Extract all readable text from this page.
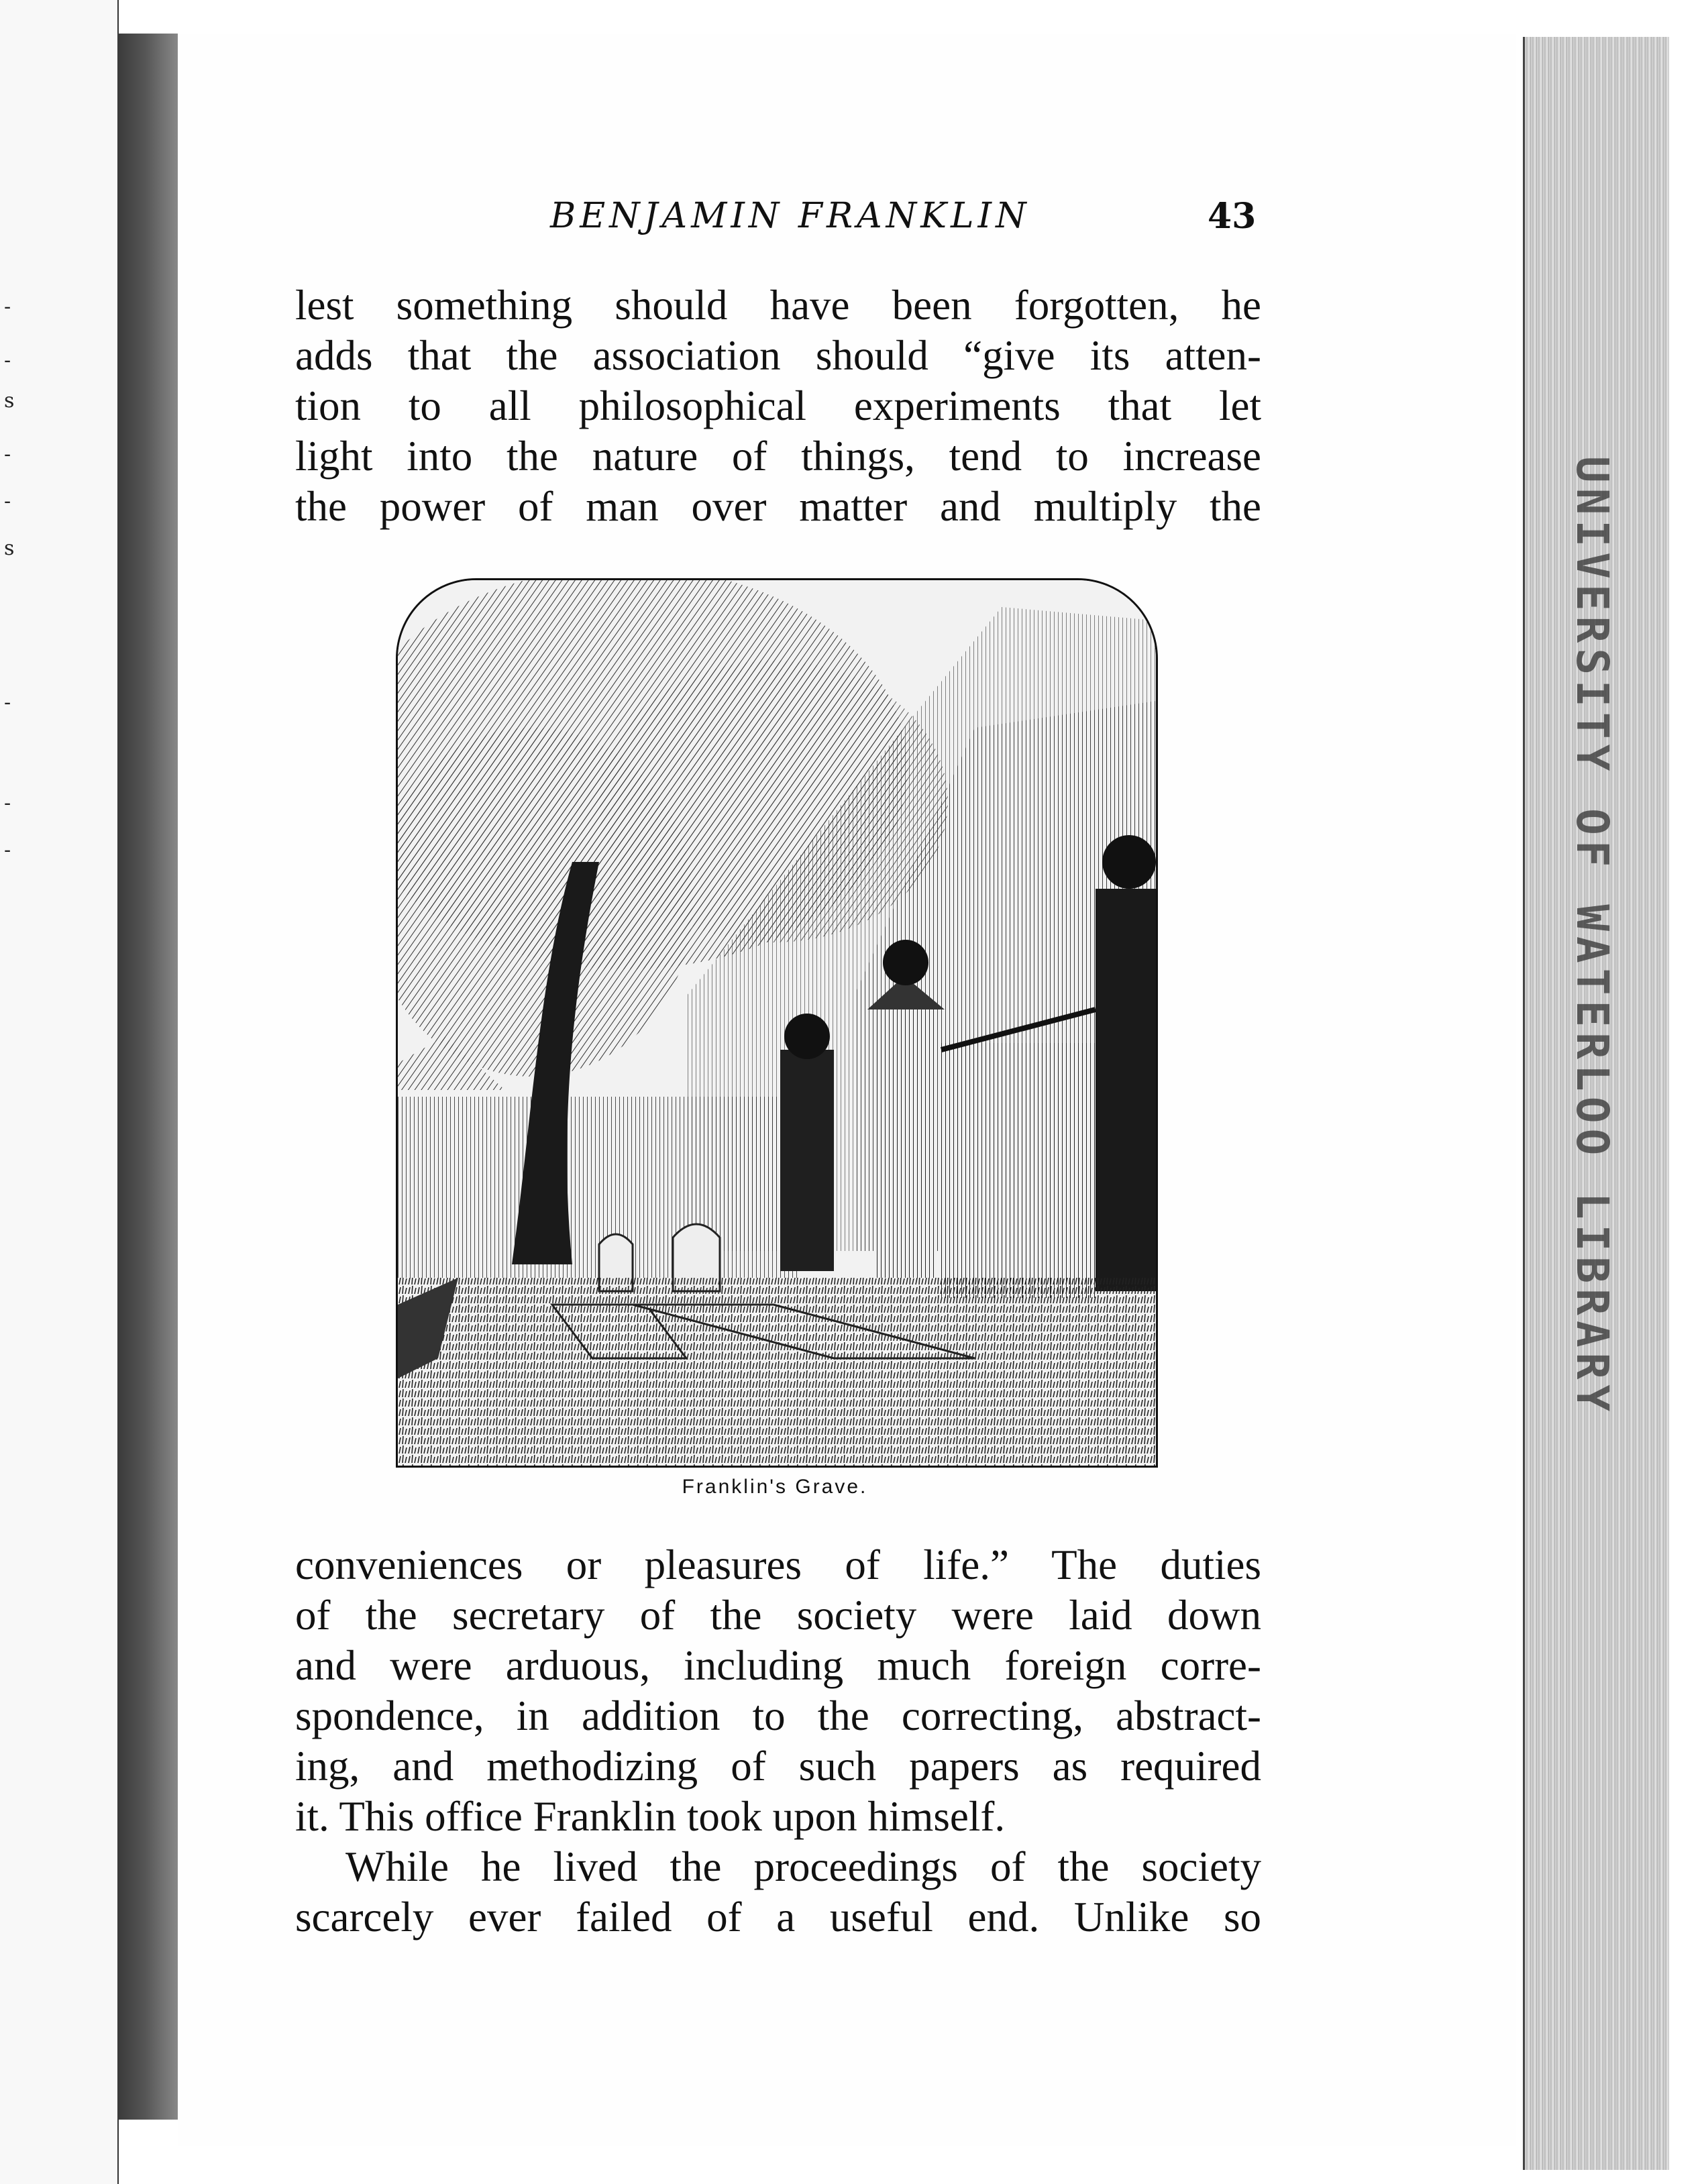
-
-
s
-
-
s
-
-
-	UNIVERSITY OF WATERLOO LIBRARY
BENJAMIN FRANKLIN	43
lest something should have been forgotten, he
adds that the association should “give its atten-
tion to all philosophical experiments that let
light into the nature of things, tend to increase
the power of man over matter and multiply the
Franklin's Grave.
conveniences or pleasures of life.” The duties
of the secretary of the society were laid down
and were arduous, including much foreign corre-
spondence, in addition to the correcting, abstract-
ing, and methodizing of such papers as required
it. This office Franklin took upon himself.
While he lived the proceedings of the society
scarcely ever failed of a useful end. Unlike so
